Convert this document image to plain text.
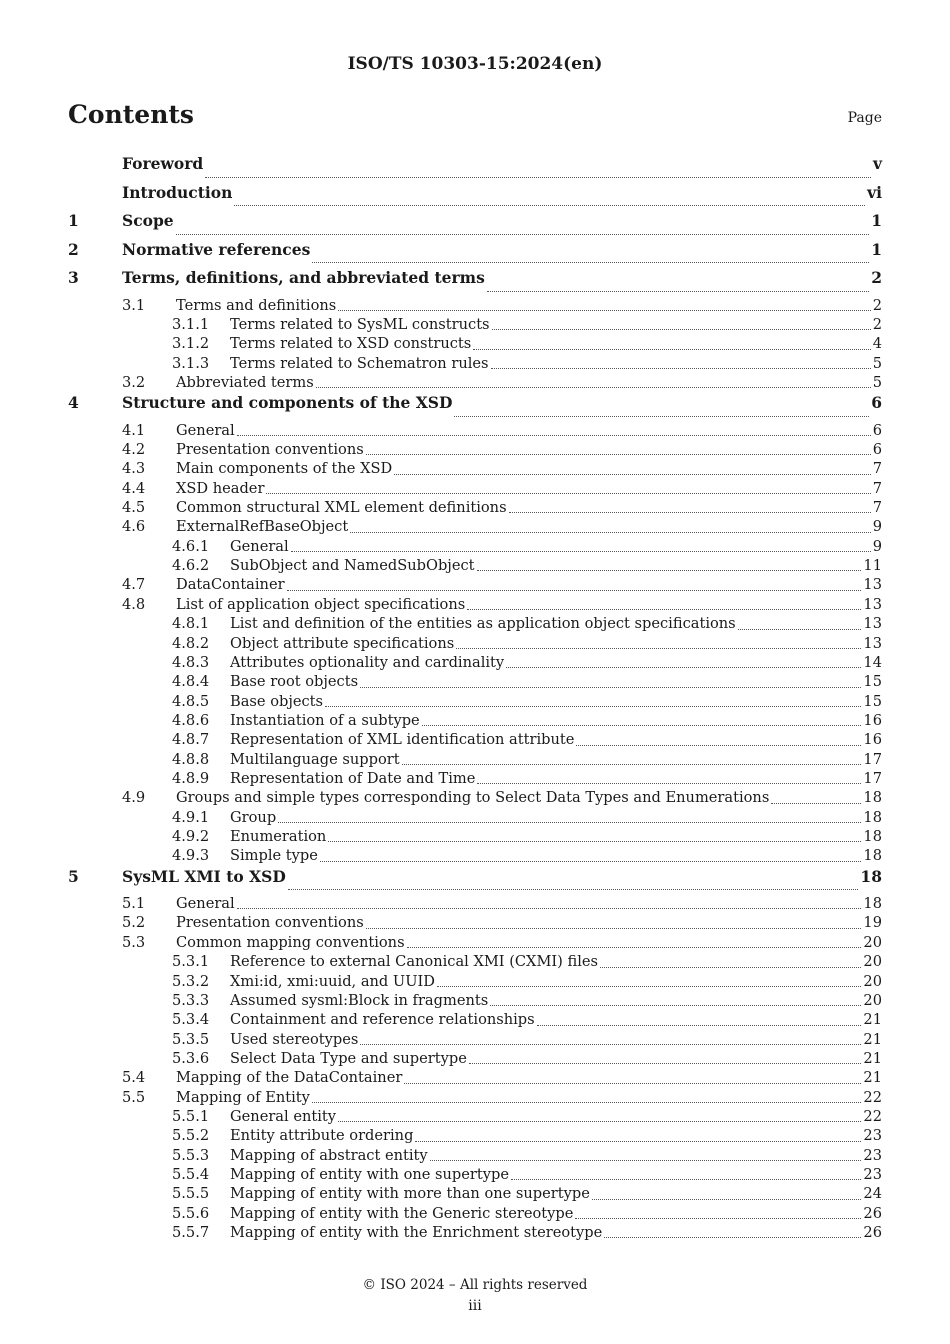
ISO/TS 10303-15:2024(en)
Contents	Page
Foreword	v
Introduction	vi
1	Scope	1
2	Normative references	1
3	Terms, definitions, and abbreviated terms	2
3.1	Terms and definitions	2
3.1.1	Terms related to SysML constructs	2
3.1.2	Terms related to XSD constructs	4
3.1.3	Terms related to Schematron rules	5
3.2	Abbreviated terms	5
4	Structure and components of the XSD	6
4.1	General	6
4.2	Presentation conventions	6
4.3	Main components of the XSD	7
4.4	XSD header	7
4.5	Common structural XML element definitions	7
4.6	ExternalRefBaseObject	9
4.6.1	General	9
4.6.2	SubObject and NamedSubObject	11
4.7	DataContainer	13
4.8	List of application object specifications	13
4.8.1	List and definition of the entities as application object specifications	13
4.8.2	Object attribute specifications	13
4.8.3	Attributes optionality and cardinality	14
4.8.4	Base root objects	15
4.8.5	Base objects	15
4.8.6	Instantiation of a subtype	16
4.8.7	Representation of XML identification attribute	16
4.8.8	Multilanguage support	17
4.8.9	Representation of Date and Time	17
4.9	Groups and simple types corresponding to Select Data Types and Enumerations	18
4.9.1	Group	18
4.9.2	Enumeration	18
4.9.3	Simple type	18
5	SysML XMI to XSD	18
5.1	General	18
5.2	Presentation conventions	19
5.3	Common mapping conventions	20
5.3.1	Reference to external Canonical XMI (CXMI) files	20
5.3.2	Xmi:id, xmi:uuid, and UUID	20
5.3.3	Assumed sysml:Block in fragments	20
5.3.4	Containment and reference relationships	21
5.3.5	Used stereotypes	21
5.3.6	Select Data Type and supertype	21
5.4	Mapping of the DataContainer	21
5.5	Mapping of Entity	22
5.5.1	General entity	22
5.5.2	Entity attribute ordering	23
5.5.3	Mapping of abstract entity	23
5.5.4	Mapping of entity with one supertype	23
5.5.5	Mapping of entity with more than one supertype	24
5.5.6	Mapping of entity with the Generic stereotype	26
5.5.7	Mapping of entity with the Enrichment stereotype	26
© ISO 2024 – All rights reserved
iii
